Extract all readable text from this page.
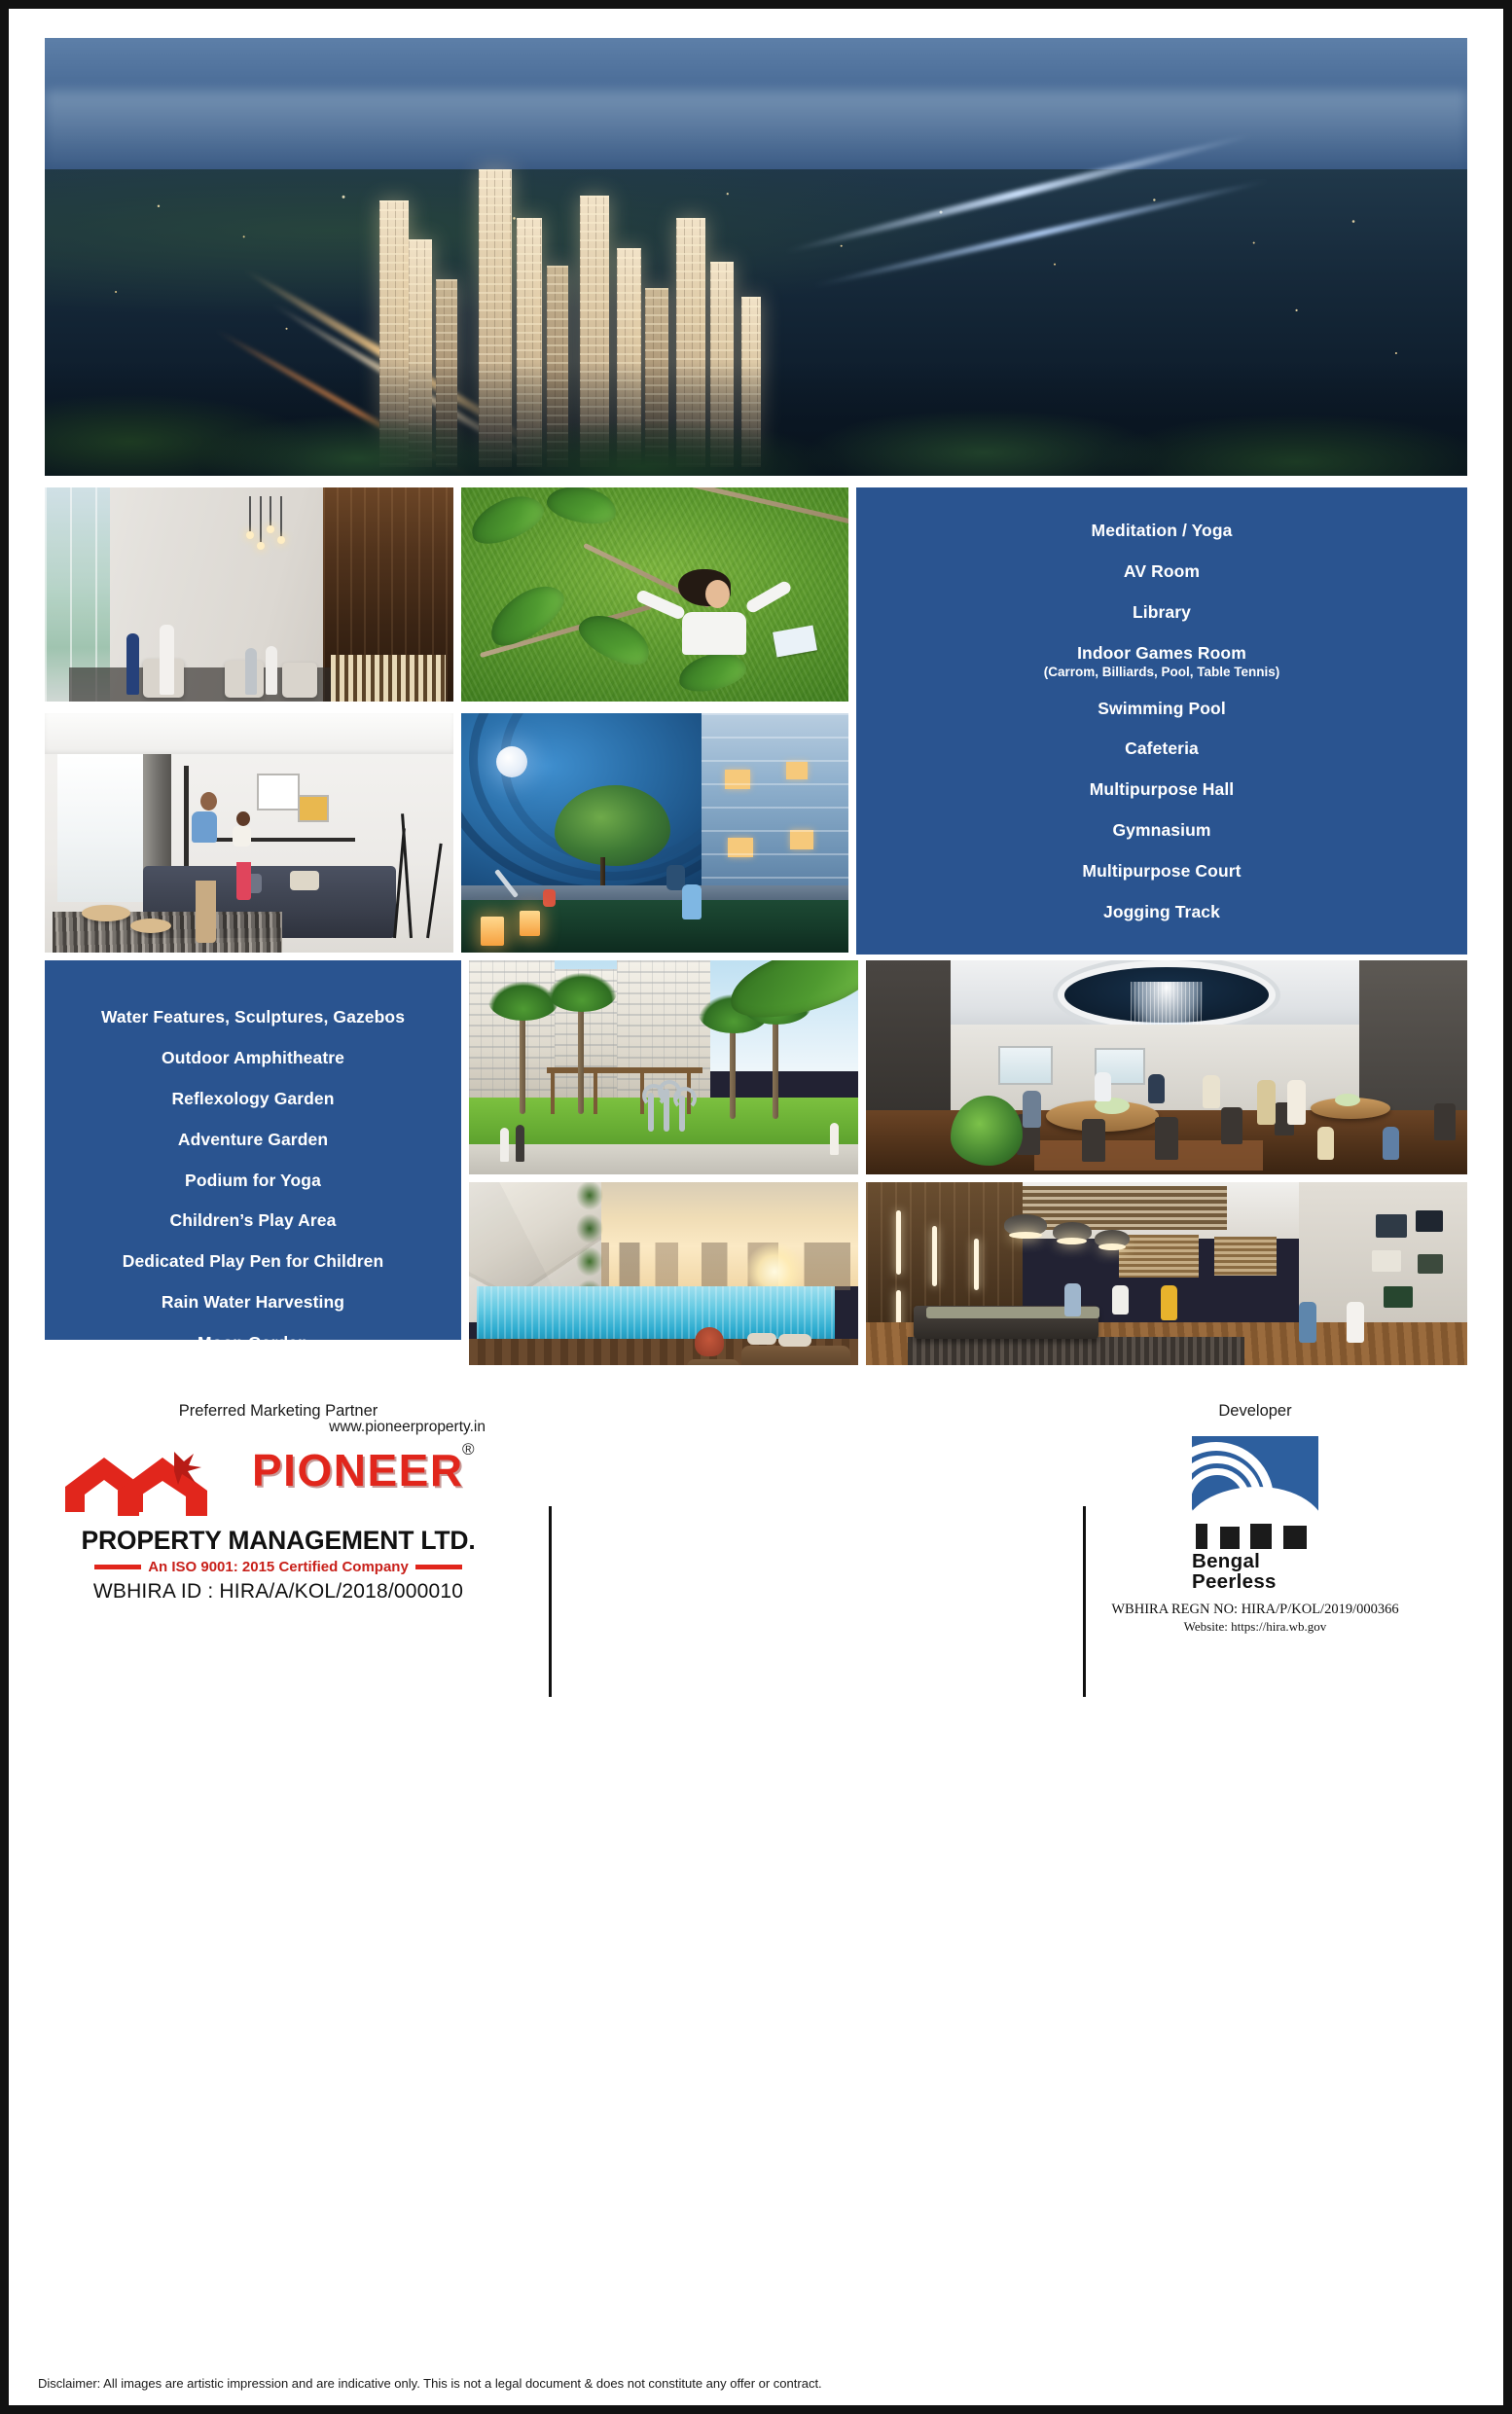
Meditation / Yoga
AV Room
Library
Indoor Games Room
(Carrom, Billiards, Pool, Table Tennis)
Swimming Pool
Cafeteria
Multipurpose Hall
Gymnasium
Multipurpose Court
Jogging Track
Water Features, Sculptures, Gazebos
Outdoor Amphitheatre
Reflexology Garden
Adventure Garden
Podium for Yoga
Children’s Play Area
Dedicated Play Pen for Children
Rain Water Harvesting
Moon Garden
Preferred Marketing Partner
www.pioneerproperty.in
PIONEER
®
PROPERTY MANAGEMENT LTD.
An ISO 9001: 2015 Certified Company
WBHIRA ID : HIRA/A/KOL/2018/000010
Developer
Bengal
Peerless
WBHIRA REGN NO: HIRA/P/KOL/2019/000366
Website: https://hira.wb.gov
Disclaimer: All images are artistic impression and are indicative only. This is not a legal document & does not constitute any offer or contract.
